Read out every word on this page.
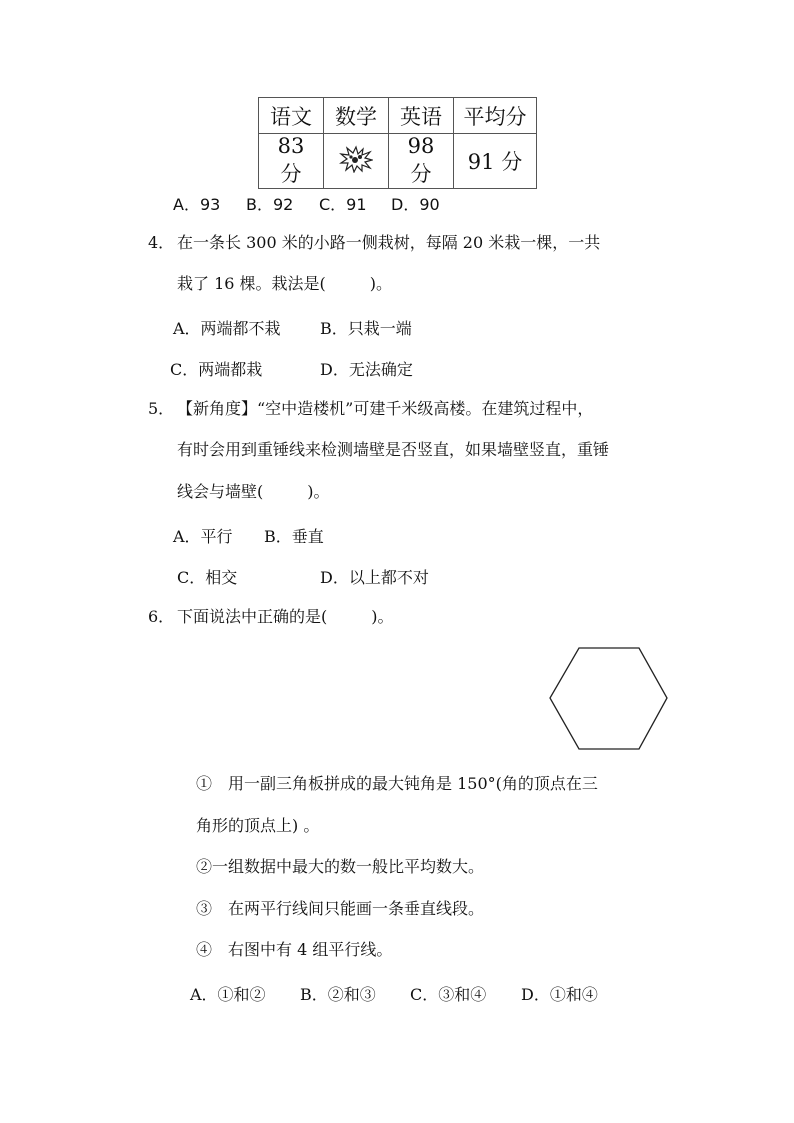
语文	数学	英语	平均分
83 分		98 分	91 分
A．93 B．92 C．91 D．90
4． 在一条长 300 米的小路一侧栽树，每隔 20 米栽一棵，一共
栽了 16 棵。栽法是(	)。
A．两端都不栽 B．只栽一端
C．两端都栽	D．无法确定
5． 【新角度】“空中造楼机”可建千米级高楼。在建筑过程中，
有时会用到重锤线来检测墙壁是否竖直，如果墙壁竖直，重锤
线会与墙壁(	)。
A．平行 B．垂直
C．相交	D．以上都不对
6． 下面说法中正确的是(	)。
①　用一副三角板拼成的最大钝角是 150°(角的顶点在三
角形的顶点上) 。
②一组数据中最大的数一般比平均数大。
③　在两平行线间只能画一条垂直线段。
④　右图中有 4 组平行线。
A．①和② B．②和③ C．③和④ D．①和④
